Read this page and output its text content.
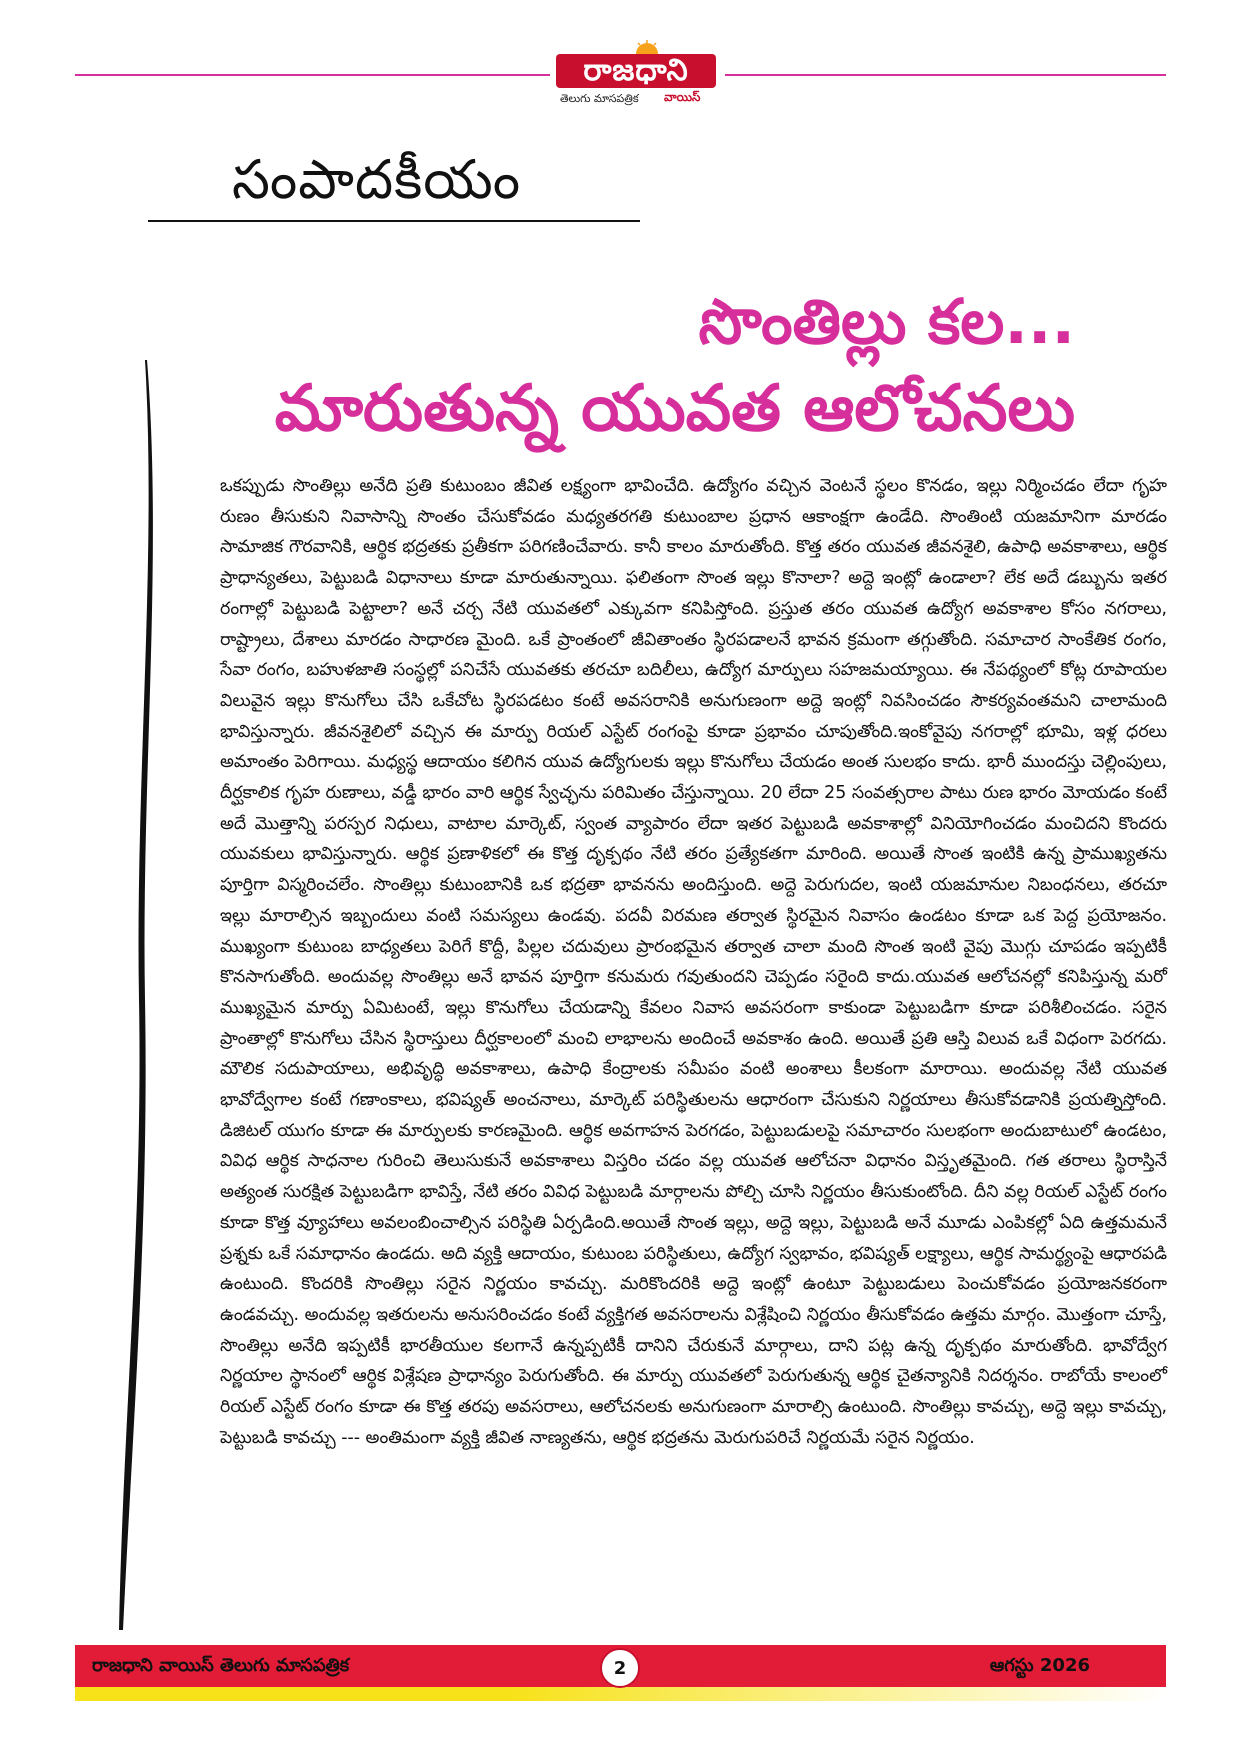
రాజధాని
తెలుగు మాసపత్రిక వాయిస్
సంపాదకీయం
సొంతిల్లు కల...
మారుతున్న యువత ఆలోచనలు
ఒకప్పుడు సొంతిల్లు అనేది ప్రతి కుటుంబం జీవిత లక్ష్యంగా భావించేది. ఉద్యోగం వచ్చిన వెంటనే స్థలం కొనడం, ఇల్లు నిర్మించడం లేదా గృహ రుణం తీసుకుని నివాసాన్ని సొంతం చేసుకోవడం మధ్యతరగతి కుటుంబాల ప్రధాన ఆకాంక్షగా ఉండేది. సొంతింటి యజమానిగా మారడం సామాజిక గౌరవానికి, ఆర్థిక భద్రతకు ప్రతీకగా పరిగణించేవారు. కానీ కాలం మారుతోంది. కొత్త తరం యువత జీవనశైలి, ఉపాధి అవకాశాలు, ఆర్థిక ప్రాధాన్యతలు, పెట్టుబడి విధానాలు కూడా మారుతున్నాయి. ఫలితంగా సొంత ఇల్లు కొనాలా? అద్దె ఇంట్లో ఉండాలా? లేక అదే డబ్బును ఇతర రంగాల్లో పెట్టుబడి పెట్టాలా? అనే చర్చ నేటి యువతలో ఎక్కువగా కనిపిస్తోంది. ప్రస్తుత తరం యువత ఉద్యోగ అవకాశాల కోసం నగరాలు, రాష్ట్రాలు, దేశాలు మారడం సాధారణ మైంది. ఒకే ప్రాంతంలో జీవితాంతం స్థిరపడాలనే భావన క్రమంగా తగ్గుతోంది. సమాచార సాంకేతిక రంగం, సేవా రంగం, బహుళజాతి సంస్థల్లో పనిచేసే యువతకు తరచూ బదిలీలు, ఉద్యోగ మార్పులు సహజమయ్యాయి. ఈ నేపథ్యంలో కోట్ల రూపాయల విలువైన ఇల్లు కొనుగోలు చేసి ఒకేచోట స్థిరపడటం కంటే అవసరానికి అనుగుణంగా అద్దె ఇంట్లో నివసించడం సౌకర్యవంతమని చాలామంది భావిస్తున్నారు. జీవనశైలిలో వచ్చిన ఈ మార్పు రియల్ ఎస్టేట్ రంగంపై కూడా ప్రభావం చూపుతోంది.ఇంకోవైపు నగరాల్లో భూమి, ఇళ్ల ధరలు అమాంతం పెరిగాయి. మధ్యస్థ ఆదాయం కలిగిన యువ ఉద్యోగులకు ఇల్లు కొనుగోలు చేయడం అంత సులభం కాదు. భారీ ముందస్తు చెల్లింపులు, దీర్ఘకాలిక గృహ రుణాలు, వడ్డీ భారం వారి ఆర్థిక స్వేచ్ఛను పరిమితం చేస్తున్నాయి. 20 లేదా 25 సంవత్సరాల పాటు రుణ భారం మోయడం కంటే అదే మొత్తాన్ని పరస్పర నిధులు, వాటాల మార్కెట్, స్వంత వ్యాపారం లేదా ఇతర పెట్టుబడి అవకాశాల్లో వినియోగించడం మంచిదని కొందరు యువకులు భావిస్తున్నారు. ఆర్థిక ప్రణాళికలో ఈ కొత్త దృక్పథం నేటి తరం ప్రత్యేకతగా మారింది. అయితే సొంత ఇంటికి ఉన్న ప్రాముఖ్యతను పూర్తిగా విస్మరించలేం. సొంతిల్లు కుటుంబానికి ఒక భద్రతా భావనను అందిస్తుంది. అద్దె పెరుగుదల, ఇంటి యజమానుల నిబంధనలు, తరచూ ఇల్లు మారాల్సిన ఇబ్బందులు వంటి సమస్యలు ఉండవు. పదవీ విరమణ తర్వాత స్థిరమైన నివాసం ఉండటం కూడా ఒక పెద్ద ప్రయోజనం. ముఖ్యంగా కుటుంబ బాధ్యతలు పెరిగే కొద్దీ, పిల్లల చదువులు ప్రారంభమైన తర్వాత చాలా మంది సొంత ఇంటి వైపు మొగ్గు చూపడం ఇప్పటికీ కొనసాగుతోంది. అందువల్ల సొంతిల్లు అనే భావన పూర్తిగా కనుమరు గవుతుందని చెప్పడం సరైంది కాదు.యువత ఆలోచనల్లో కనిపిస్తున్న మరో ముఖ్యమైన మార్పు ఏమిటంటే, ఇల్లు కొనుగోలు చేయడాన్ని కేవలం నివాస అవసరంగా కాకుండా పెట్టుబడిగా కూడా పరిశీలించడం. సరైన ప్రాంతాల్లో కొనుగోలు చేసిన స్థిరాస్తులు దీర్ఘకాలంలో మంచి లాభాలను అందించే అవకాశం ఉంది. అయితే ప్రతి ఆస్తి విలువ ఒకే విధంగా పెరగదు. మౌలిక సదుపాయాలు, అభివృద్ధి అవకాశాలు, ఉపాధి కేంద్రాలకు సమీపం వంటి అంశాలు కీలకంగా మారాయి. అందువల్ల నేటి యువత భావోద్వేగాల కంటే గణాంకాలు, భవిష్యత్ అంచనాలు, మార్కెట్ పరిస్థితులను ఆధారంగా చేసుకుని నిర్ణయాలు తీసుకోవడానికి ప్రయత్నిస్తోంది. డిజిటల్ యుగం కూడా ఈ మార్పులకు కారణమైంది. ఆర్థిక అవగాహన పెరగడం, పెట్టుబడులపై సమాచారం సులభంగా అందుబాటులో ఉండటం, వివిధ ఆర్థిక సాధనాల గురించి తెలుసుకునే అవకాశాలు విస్తరిం చడం వల్ల యువత ఆలోచనా విధానం విస్తృతమైంది. గత తరాలు స్థిరాస్తినే అత్యంత సురక్షిత పెట్టుబడిగా భావిస్తే, నేటి తరం వివిధ పెట్టుబడి మార్గాలను పోల్చి చూసి నిర్ణయం తీసుకుంటోంది. దీని వల్ల రియల్ ఎస్టేట్ రంగం కూడా కొత్త వ్యూహాలు అవలంబించాల్సిన పరిస్థితి ఏర్పడింది.అయితే సొంత ఇల్లు, అద్దె ఇల్లు, పెట్టుబడి అనే మూడు ఎంపికల్లో ఏది ఉత్తమమనే ప్రశ్నకు ఒకే సమాధానం ఉండదు. అది వ్యక్తి ఆదాయం, కుటుంబ పరిస్థితులు, ఉద్యోగ స్వభావం, భవిష్యత్ లక్ష్యాలు, ఆర్థిక సామర్థ్యంపై ఆధారపడి ఉంటుంది. కొందరికి సొంతిల్లు సరైన నిర్ణయం కావచ్చు. మరికొందరికి అద్దె ఇంట్లో ఉంటూ పెట్టుబడులు పెంచుకోవడం ప్రయోజనకరంగా ఉండవచ్చు. అందువల్ల ఇతరులను అనుసరించడం కంటే వ్యక్తిగత అవసరాలను విశ్లేషించి నిర్ణయం తీసుకోవడం ఉత్తమ మార్గం. మొత్తంగా చూస్తే, సొంతిల్లు అనేది ఇప్పటికీ భారతీయుల కలగానే ఉన్నప్పటికీ దానిని చేరుకునే మార్గాలు, దాని పట్ల ఉన్న దృక్పథం మారుతోంది. భావోద్వేగ నిర్ణయాల స్థానంలో ఆర్థిక విశ్లేషణ ప్రాధాన్యం పెరుగుతోంది. ఈ మార్పు యువతలో పెరుగుతున్న ఆర్థిక చైతన్యానికి నిదర్శనం. రాబోయే కాలంలో రియల్ ఎస్టేట్ రంగం కూడా ఈ కొత్త తరపు అవసరాలు, ఆలోచనలకు అనుగుణంగా మారాల్సి ఉంటుంది. సొంతిల్లు కావచ్చు, అద్దె ఇల్లు కావచ్చు, పెట్టుబడి కావచ్చు --- అంతిమంగా వ్యక్తి జీవిత నాణ్యతను, ఆర్థిక భద్రతను మెరుగుపరిచే నిర్ణయమే సరైన నిర్ణయం.
రాజధాని వాయిస్ తెలుగు మాసపత్రిక	2	ఆగస్టు 2026
